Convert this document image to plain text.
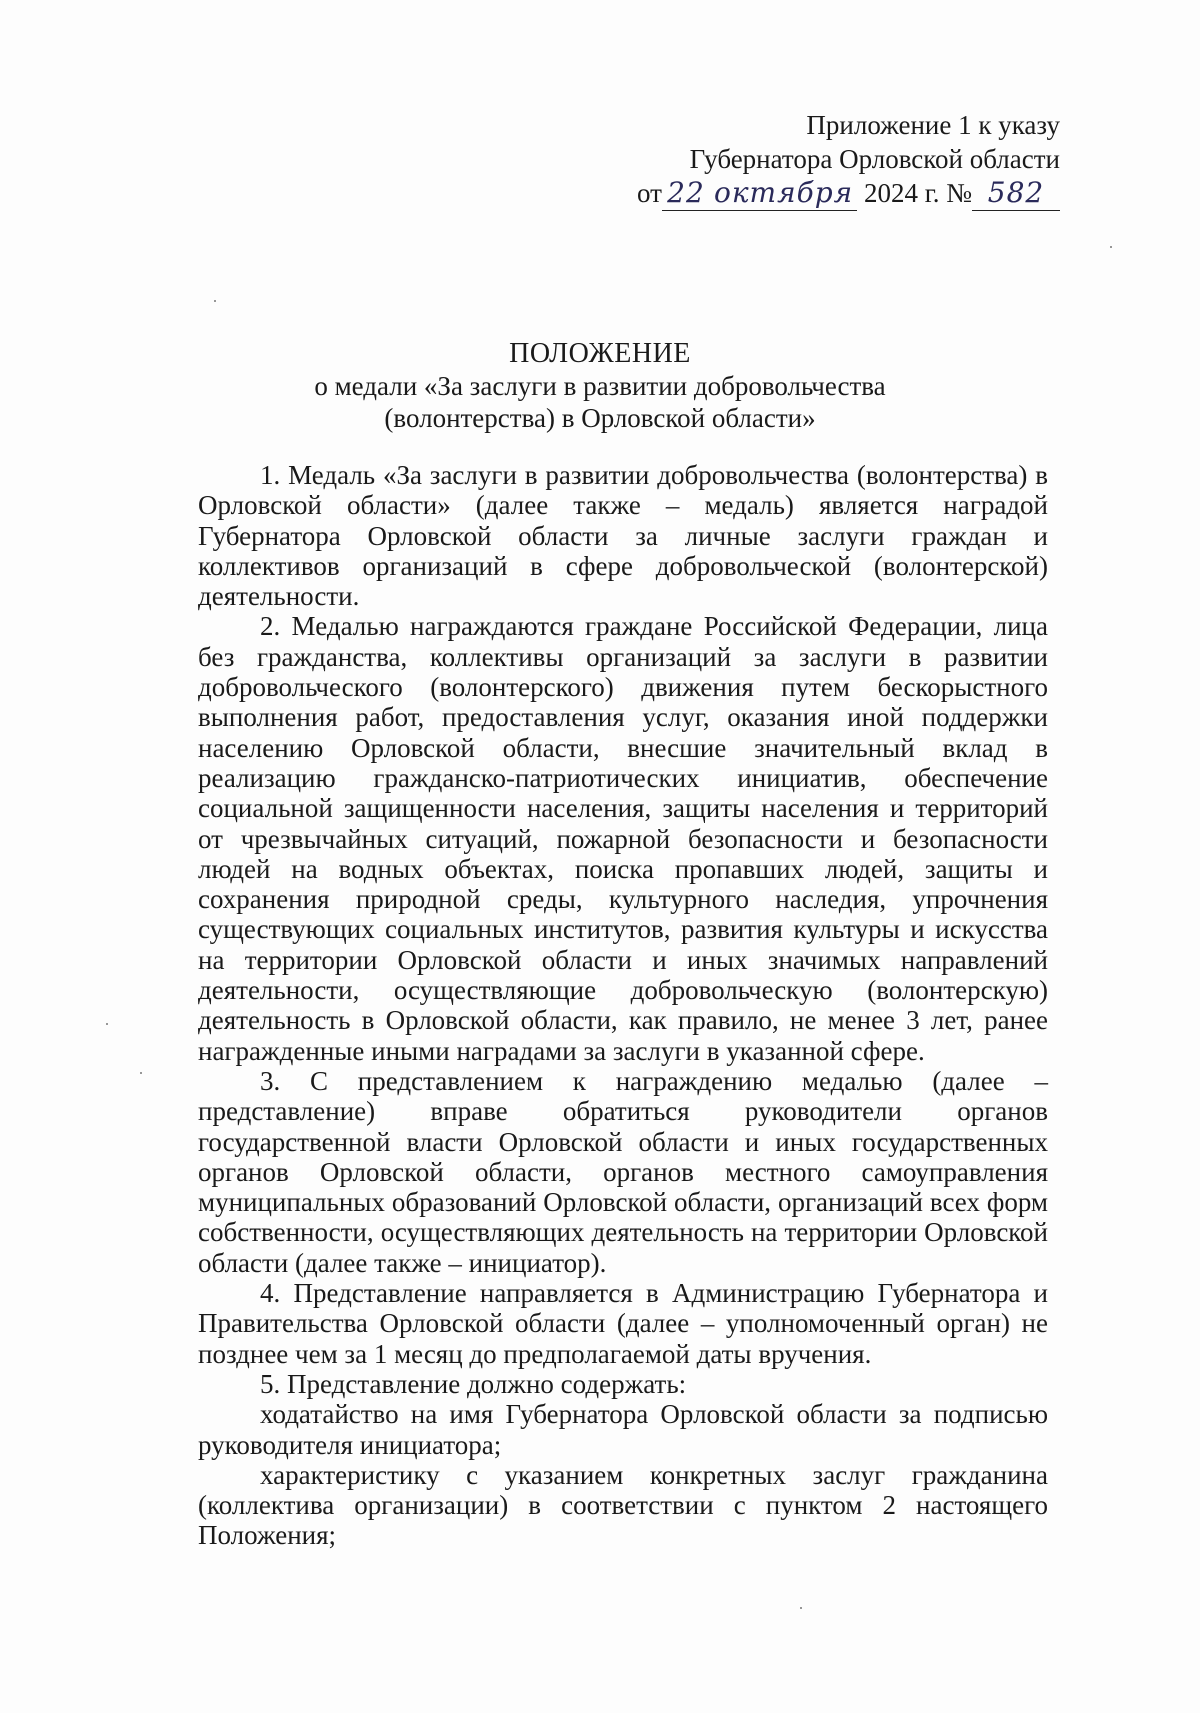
Приложение 1 к указу
Губернатора Орловской области
от 22 октября 2024 г. № 582
ПОЛОЖЕНИЕ
о медали «За заслуги в развитии добровольчества
(волонтерства) в Орловской области»

1. Медаль «За заслуги в развитии добровольчества (волонтерства) в Орловской области» (далее также – медаль) является наградой Губернатора Орловской области за личные заслуги граждан и коллективов организаций в сфере добровольческой (волонтерской) деятельности.

2. Медалью награждаются граждане Российской Федерации, лица без гражданства, коллективы организаций за заслуги в развитии добровольческого (волонтерского) движения путем бескорыстного выполнения работ, предоставления услуг, оказания иной поддержки населению Орловской области, внесшие значительный вклад в реализацию гражданско-патриотических инициатив, обеспечение социальной защищенности населения, защиты населения и территорий от чрезвычайных ситуаций, пожарной безопасности и безопасности людей на водных объектах, поиска пропавших людей, защиты и сохранения природной среды, культурного наследия, упрочнения существующих социальных институтов, развития культуры и искусства на территории Орловской области и иных значимых направлений деятельности, осуществляющие добровольческую (волонтерскую) деятельность в Орловской области, как правило, не менее 3 лет, ранее награжденные иными наградами за заслуги в указанной сфере.

3. С представлением к награждению медалью (далее – представление) вправе обратиться руководители органов государственной власти Орловской области и иных государственных органов Орловской области, органов местного самоуправления муниципальных образований Орловской области, организаций всех форм собственности, осуществляющих деятельность на территории Орловской области (далее также – инициатор).

4. Представление направляется в Администрацию Губернатора и Правительства Орловской области (далее – уполномоченный орган) не позднее чем за 1 месяц до предполагаемой даты вручения.

5. Представление должно содержать:

ходатайство на имя Губернатора Орловской области за подписью руководителя инициатора;

характеристику с указанием конкретных заслуг гражданина (коллектива организации) в соответствии с пунктом 2 настоящего Положения;
